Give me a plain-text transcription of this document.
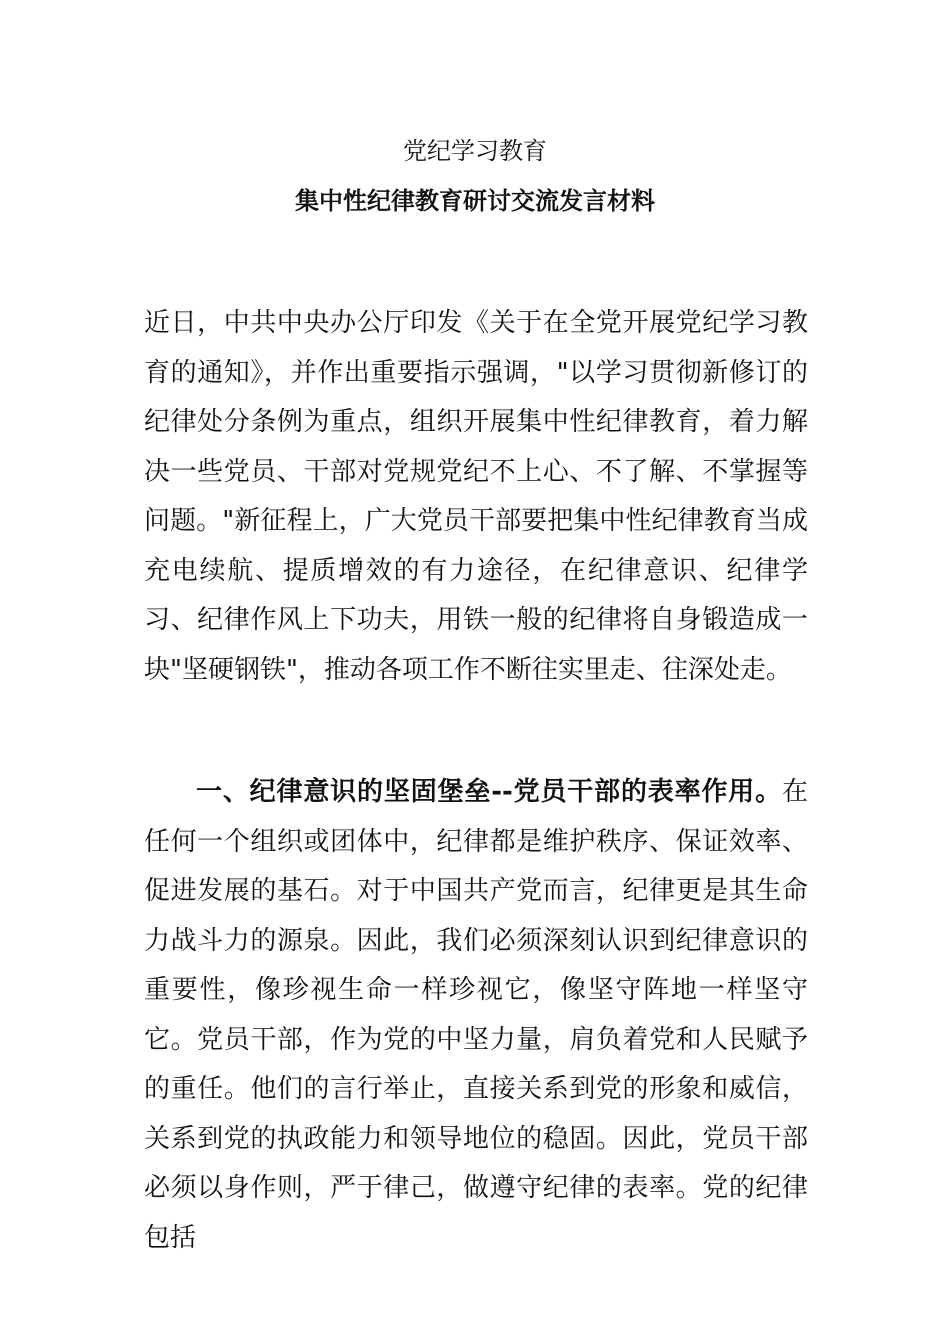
党纪学习教育
集中性纪律教育研讨交流发言材料

近日，中共中央办公厅印发《关于在全党开展党纪学习教育的通知》，并作出重要指示强调，"以学习贯彻新修订的纪律处分条例为重点，组织开展集中性纪律教育，着力解决一些党员、干部对党规党纪不上心、不了解、不掌握等问题。"新征程上，广大党员干部要把集中性纪律教育当成充电续航、提质增效的有力途径，在纪律意识、纪律学习、纪律作风上下功夫，用铁一般的纪律将自身锻造成一块"坚硬钢铁"，推动各项工作不断往实里走、往深处走。

一、纪律意识的坚固堡垒--党员干部的表率作用。在任何一个组织或团体中，纪律都是维护秩序、保证效率、促进发展的基石。对于中国共产党而言，纪律更是其生命力战斗力的源泉。因此，我们必须深刻认识到纪律意识的重要性，像珍视生命一样珍视它，像坚守阵地一样坚守它。党员干部，作为党的中坚力量，肩负着党和人民赋予的重任。他们的言行举止，直接关系到党的形象和威信，关系到党的执政能力和领导地位的稳固。因此，党员干部必须以身作则，严于律己，做遵守纪律的表率。党的纪律包括
